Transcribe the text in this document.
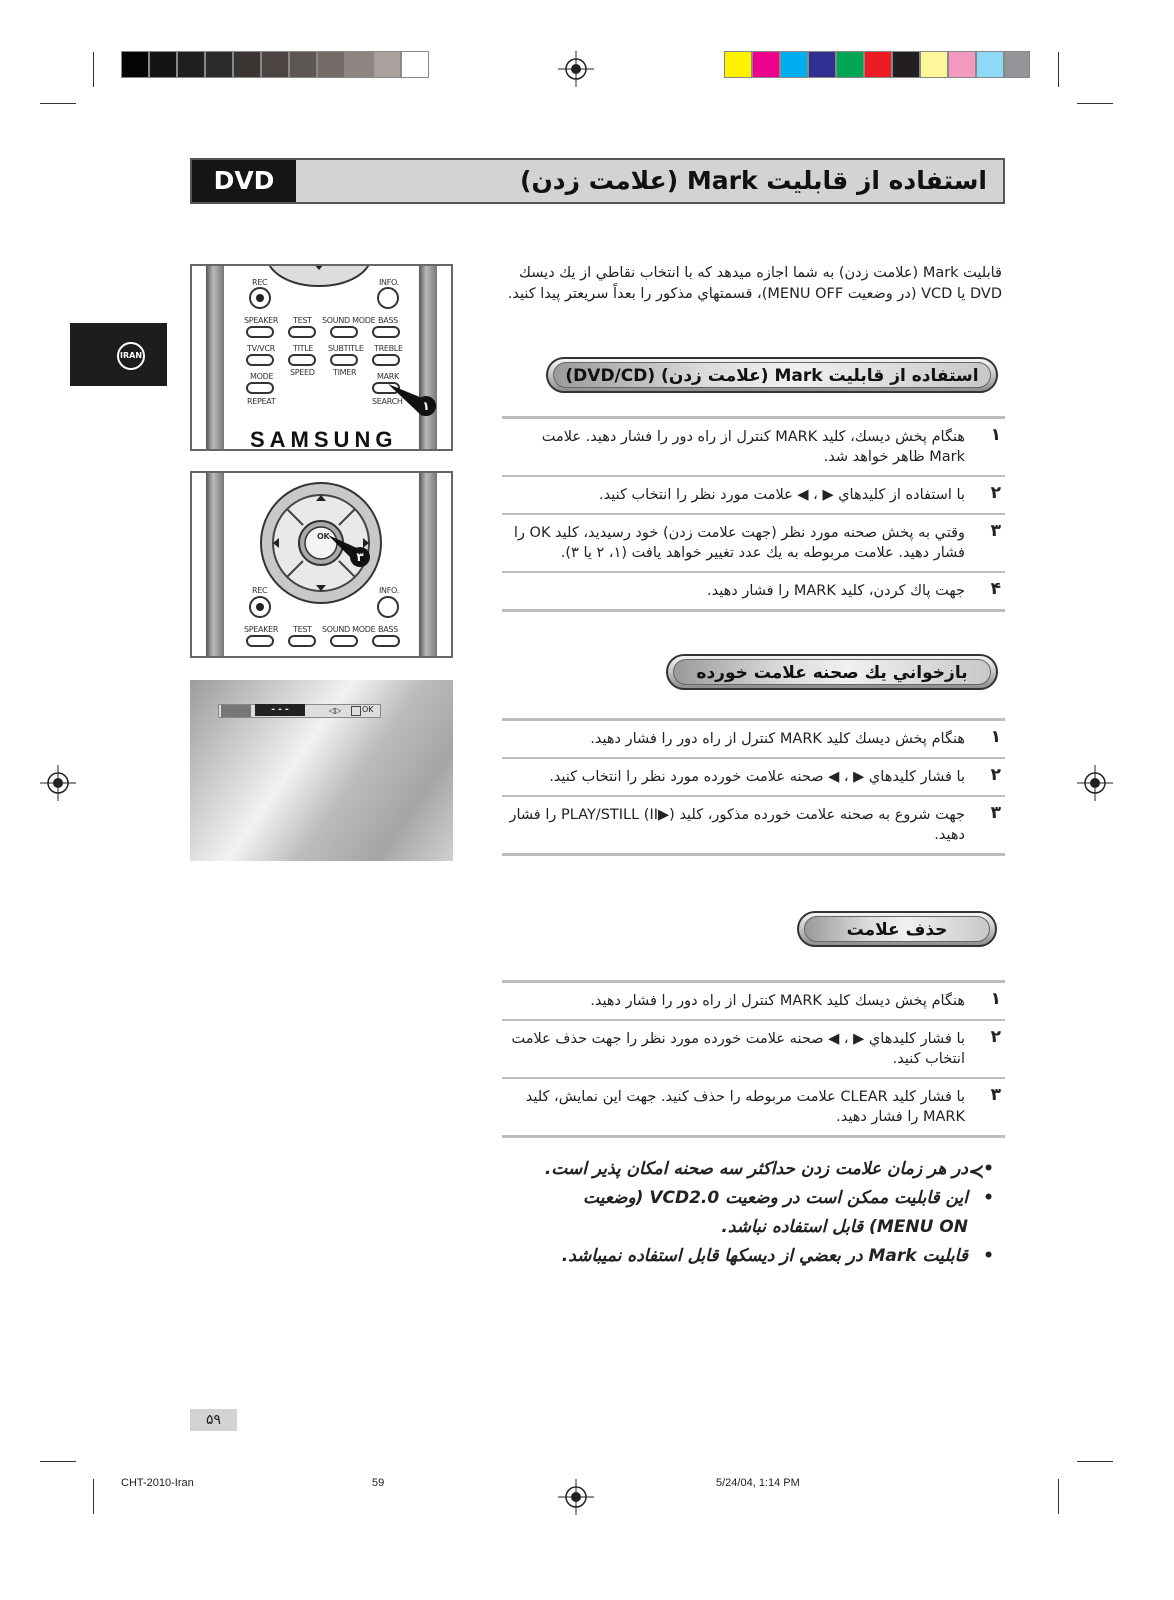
DVD	استفاده از قابليت Mark (علامت زدن)
IRAN
REC	INFO.
SPEAKER TEST SOUND MODE BASS
TV/VCR TITLE SUBTITLE TREBLE
MODE SPEED TIMER	MARK
REPEAT	SEARCH	۱
SAMSUNG
OK
۳
REC	INFO.
SPEAKER TEST SOUND MODE BASS
- - -	◁▷	OK
قابليت Mark (علامت زدن) به شما اجازه ميدهد كه با انتخاب نقاطي از يك ديسك DVD يا VCD (در وضعيت MENU OFF)، قسمتهاي مذكور را بعداً سريعتر پيدا كنيد.
استفاده از قابليت Mark (علامت زدن) (DVD/CD)
۱
هنگام پخش ديسك، كليد MARK كنترل از راه دور را فشار دهيد. علامت Mark ظاهر خواهد شد.
۲
با استفاده از كليدهاي ▶ ، ◀ علامت مورد نظر را انتخاب كنيد.
۳
وقتي به پخش صحنه مورد نظر (جهت علامت زدن) خود رسيديد، كليد OK را فشار دهيد. علامت مربوطه به يك عدد تغيير خواهد يافت (۱، ۲ يا ۳).
۴
جهت پاك كردن، كليد MARK را فشار دهيد.
بازخواني يك صحنه علامت خورده
۱
هنگام پخش ديسك كليد MARK كنترل از راه دور را فشار دهيد.
۲
با فشار كليدهاي ▶ ، ◀ صحنه علامت خورده مورد نظر را انتخاب كنيد.
۳
جهت شروع به صحنه علامت خورده مذكور، كليد (▶II) PLAY/STILL را فشار دهيد.
حذف علامت
۱
هنگام پخش ديسك كليد MARK كنترل از راه دور را فشار دهيد.
۲
با فشار كليدهاي ▶ ، ◀ صحنه علامت خورده مورد نظر را جهت حذف علامت انتخاب كنيد.
۳
با فشار كليد CLEAR علامت مربوطه را حذف كنيد. جهت اين نمايش، كليد MARK را فشار دهيد.
≺
•
در هر زمان علامت زدن حداكثر سه صحنه امكان پذير است.
•
اين قابليت ممكن است در وضعيت VCD2.0 (وضعيت MENU ON) قابل استفاده نباشد.
•
قابليت Mark در بعضي از ديسكها قابل استفاده نميباشد.
۵۹
CHT-2010-Iran	59	5/24/04, 1:14 PM
